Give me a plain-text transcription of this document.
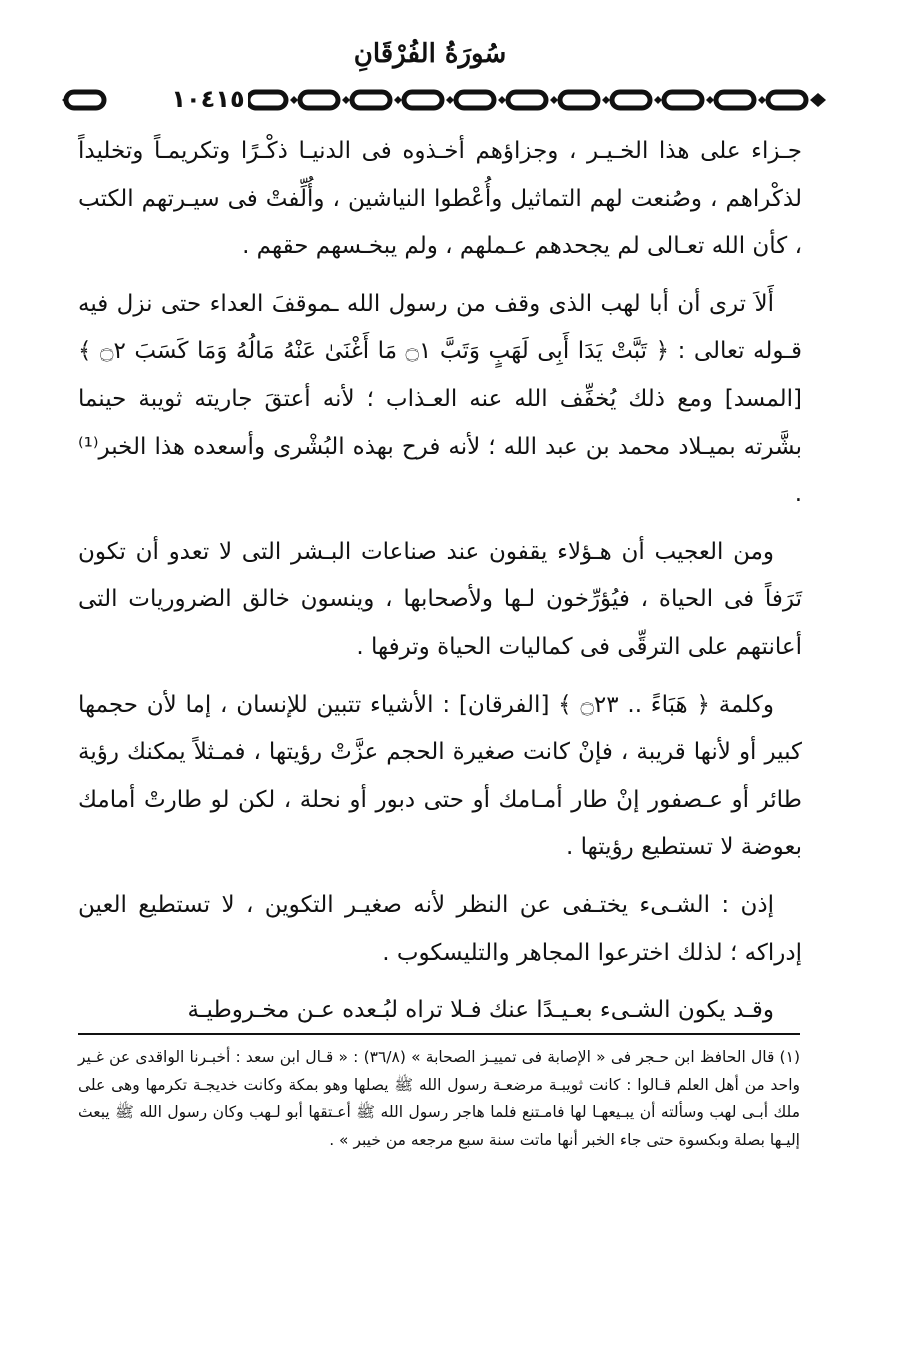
سُورَةُ الفُرْقَانِ
١٠٤١٥

جـزاء على هذا الخـيـر ، وجزاؤهم أخـذوه فى الدنيـا ذكْـرًا وتكريمـاً وتخليداً لذكْراهم ، وصُنعت لهم التماثيل وأُعْطوا النياشين ، وأُلِّفتْ فى سيـرتهم الكتب ، كأن الله تعـالى لم يجحدهم عـملهم ، ولم يبخـسهم حقهم .

أَلاَ ترى أن أبا لهب الذى وقف من رسول الله ـموقفَ العداء حتى نزل فيه قـوله تعالى : ﴿ تَبَّتْ يَدَا أَبِى لَهَبٍ وَتَبَّ ۝١ مَا أَغْنَىٰ عَنْهُ مَالُهُ وَمَا كَسَبَ ۝٢ ﴾ [المسد] ومع ذلك يُخفِّف الله عنه العـذاب ؛ لأنه أعتقَ جاريته ثويبة حينما بشَّرته بميـلاد محمد بن عبد الله ؛ لأنه فرح بهذه البُشْرى وأسعده هذا الخبر⁽¹⁾ .

ومن العجيب أن هـؤلاء يقفون عند صناعات البـشر التى لا تعدو أن تكون تَرَفاً فى الحياة ، فيُؤرِّخون لـها ولأصحابها ، وينسون خالق الضروريات التى أعانتهم على الترقِّى فى كماليات الحياة وترفها .

وكلمة ﴿ هَبَاءً .. ۝٢٣ ﴾ [الفرقان] : الأشياء تتبين للإنسان ، إما لأن حجمها كبير أو لأنها قريبة ، فإنْ كانت صغيرة الحجم عزَّتْ رؤيتها ، فمـثلاً يمكنك رؤية طائر أو عـصفور إنْ طار أمـامك أو حتى دبور أو نحلة ، لكن لو طارتْ أمامك بعوضة لا تستطيع رؤيتها .

إذن : الشـىء يختـفى عن النظر لأنه صغيـر التكوين ، لا تستطيع العين إدراكه ؛ لذلك اخترعوا المجاهر والتليسكوب .

وقـد يكون الشـىء بعـيـدًا عنك فـلا تراه لبُـعده عـن مخـروطيـة

(١) قال الحافظ ابن حـجر فى « الإصابة فى تمييـز الصحابة » (٣٦/٨) : « قـال ابن سعد : أخبـرنا الواقدى عن غـير واحد من أهل العلم قـالوا : كانت ثويبـة مرضعـة رسول الله ﷺ يصلها وهو بمكة وكانت خديجـة تكرمها وهى على ملك أبـى لهب وسألته أن يبـيعهـا لها فامـتنع فلما هاجر رسول الله ﷺ أعـتقها أبو لـهب وكان رسول الله ﷺ يبعث إليـها بصلة وبكسوة حتى جاء الخبر أنها ماتت سنة سبع مرجعه من خيبر » .
